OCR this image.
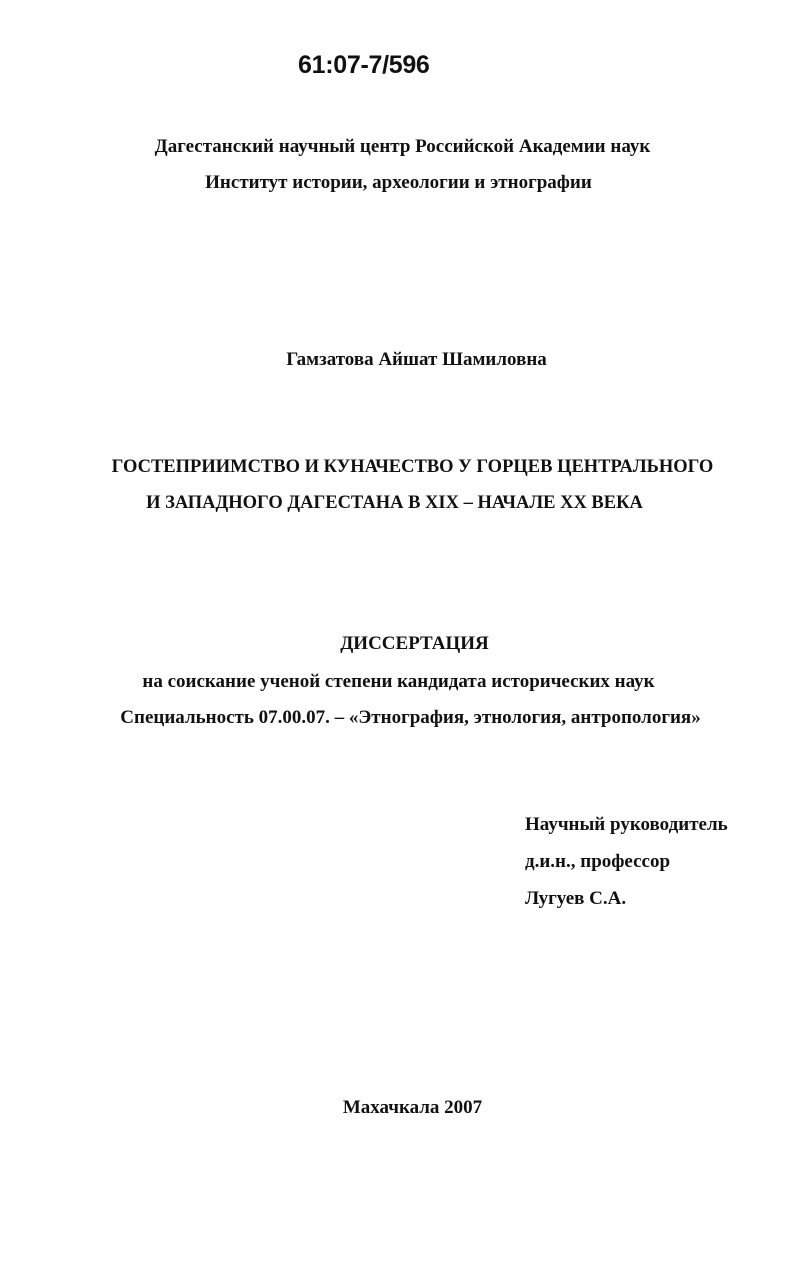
61:07-7/596
Дагестанский научный центр Российской Академии наук
Институт истории, археологии и этнографии
Гамзатова Айшат Шамиловна
ГОСТЕПРИИМСТВО И КУНАЧЕСТВО У ГОРЦЕВ ЦЕНТРАЛЬНОГО
И ЗАПАДНОГО ДАГЕСТАНА В XIX – НАЧАЛЕ XX ВЕКА
ДИССЕРТАЦИЯ
на соискание ученой степени кандидата исторических наук
Специальность 07.00.07. – «Этнография, этнология, антропология»
Научный руководитель
д.и.н., профессор
Лугуев С.А.
Махачкала 2007
